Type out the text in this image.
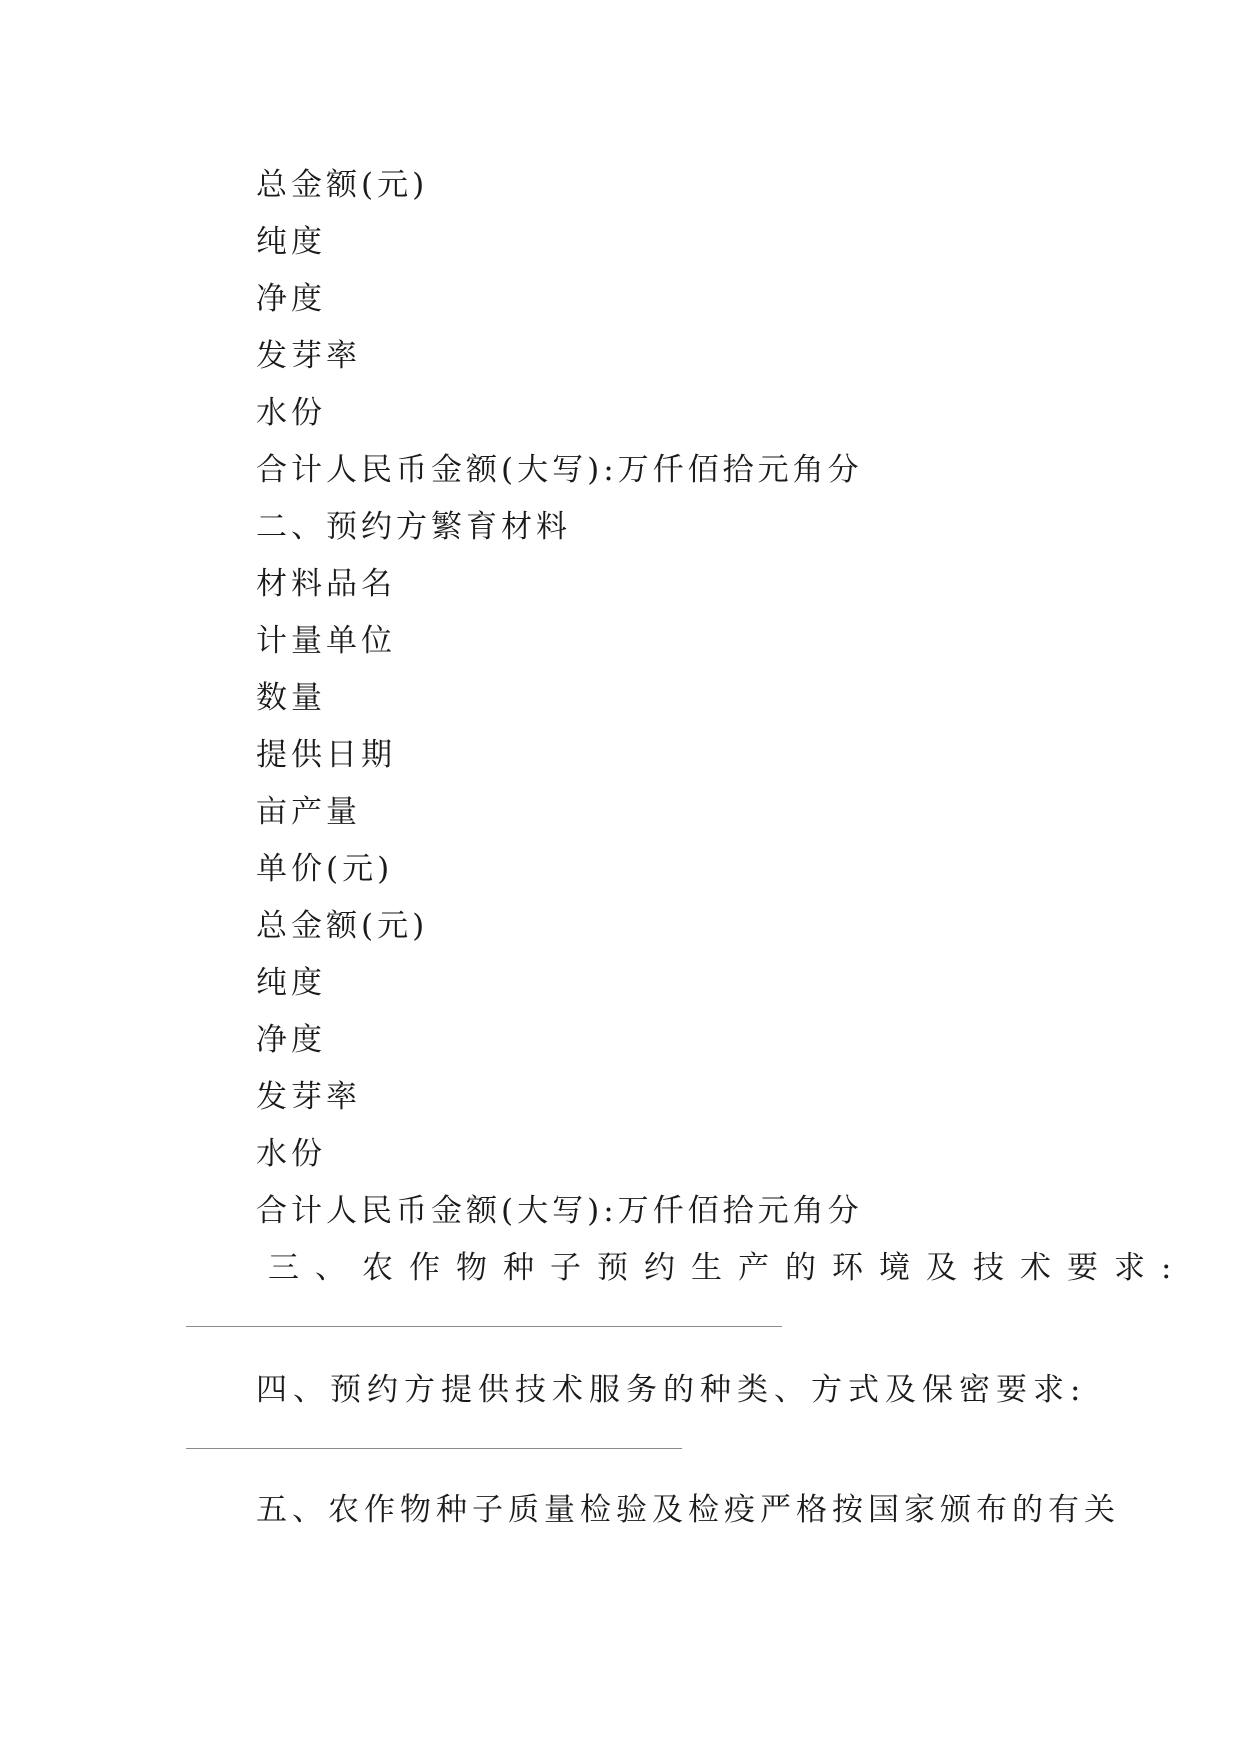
总金额(元)
纯度
净度
发芽率
水份
合计人民币金额(大写):万仟佰拾元角分
二、预约方繁育材料
材料品名
计量单位
数量
提供日期
亩产量
单价(元)
总金额(元)
纯度
净度
发芽率
水份
合计人民币金额(大写):万仟佰拾元角分
三、农作物种子预约生产的环境及技术要求:
四、预约方提供技术服务的种类、方式及保密要求:
五、农作物种子质量检验及检疫严格按国家颁布的有关
